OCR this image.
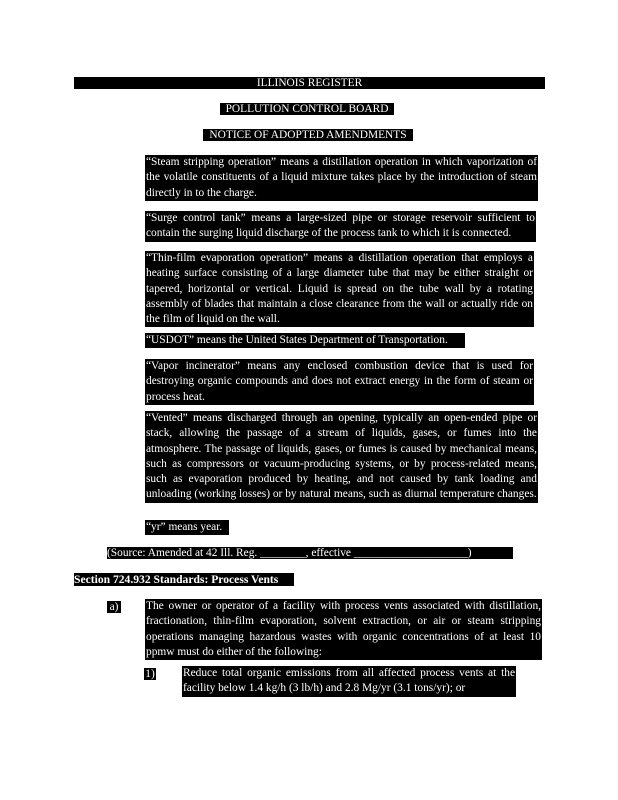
ILLINOIS REGISTER
POLLUTION CONTROL BOARD
NOTICE OF ADOPTED AMENDMENTS

“Steam stripping operation” means a distillation operation in which vaporization of the volatile constituents of a liquid mixture takes place by the introduction of steam directly in to the charge.

“Surge control tank” means a large-sized pipe or storage reservoir sufficient to contain the surging liquid discharge of the process tank to which it is connected.

“Thin-film evaporation operation” means a distillation operation that employs a heating surface consisting of a large diameter tube that may be either straight or tapered, horizontal or vertical. Liquid is spread on the tube wall by a rotating assembly of blades that maintain a close clearance from the wall or actually ride on the film of liquid on the wall.

“USDOT” means the United States Department of Transportation.

“Vapor incinerator” means any enclosed combustion device that is used for destroying organic compounds and does not extract energy in the form of steam or process heat.

“Vented” means discharged through an opening, typically an open-ended pipe or stack, allowing the passage of a stream of liquids, gases, or fumes into the atmosphere. The passage of liquids, gases, or fumes is caused by mechanical means, such as compressors or vacuum-producing systems, or by process-related means, such as evaporation produced by heating, and not caused by tank loading and unloading (working losses) or by natural means, such as diurnal temperature changes.

“yr” means year.

(Source: Amended at 42 Ill. Reg. ________, effective ____________________)
Section 724.932 Standards: Process Vents
a) The owner or operator of a facility with process vents associated with distillation, fractionation, thin-film evaporation, solvent extraction, or air or steam stripping operations managing hazardous wastes with organic concentrations of at least 10 ppmw must do either of the following:

1) Reduce total organic emissions from all affected process vents at the facility below 1.4 kg/h (3 lb/h) and 2.8 Mg/yr (3.1 tons/yr); or
